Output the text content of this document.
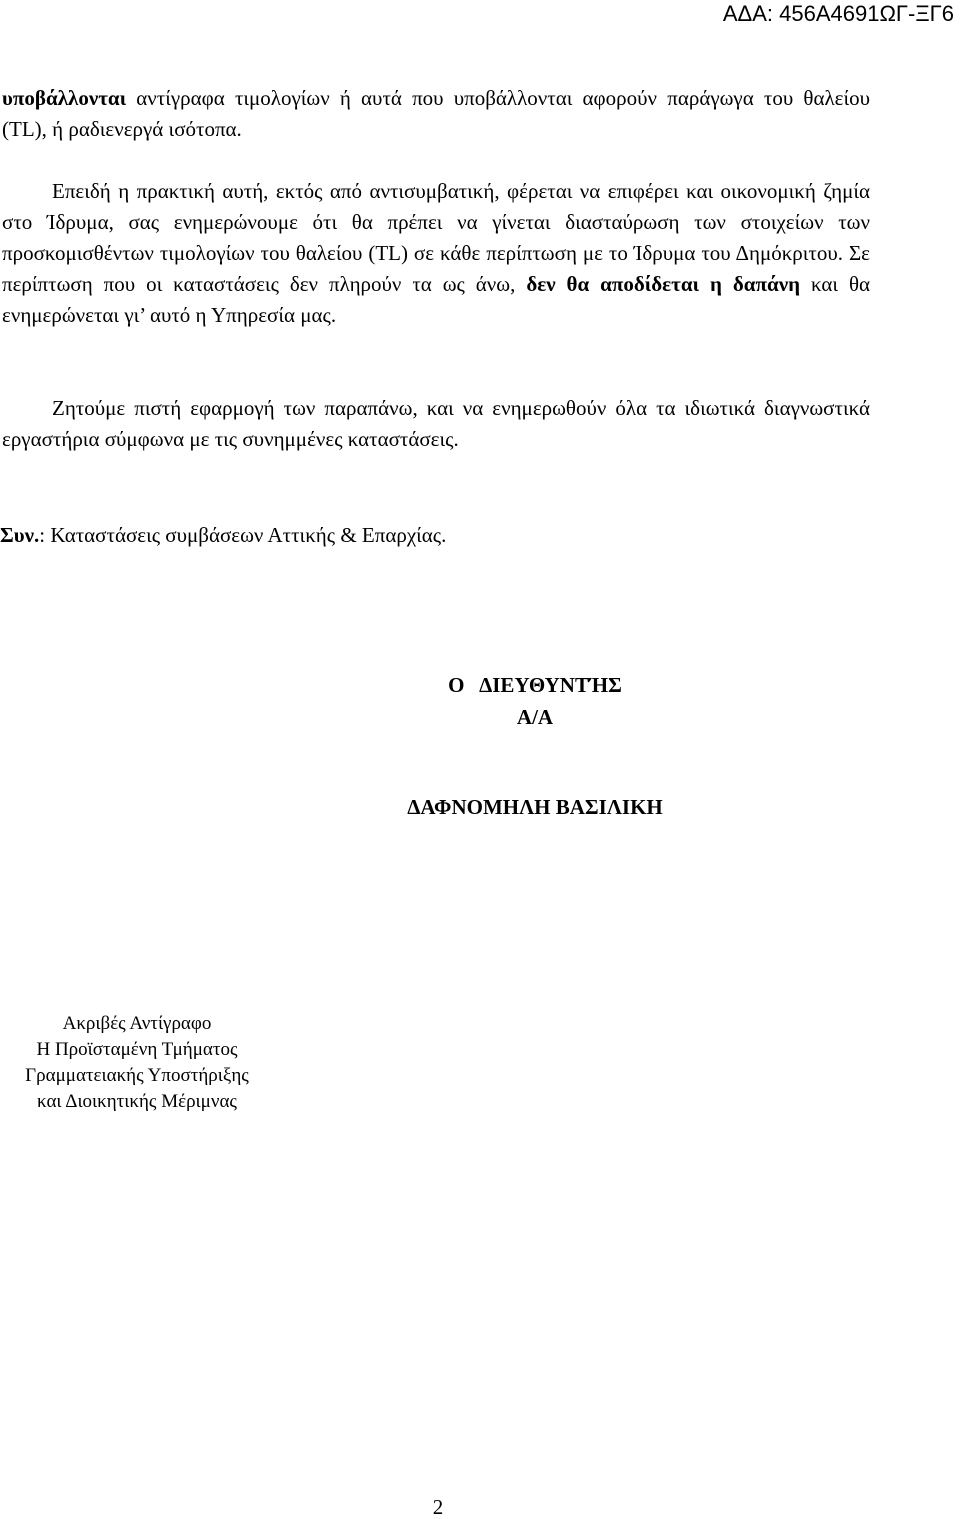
ΑΔΑ: 456Α4691ΩΓ-ΞΓ6

υποβάλλονται αντίγραφα τιμολογίων ή αυτά που υποβάλλονται αφορούν παράγωγα του θαλείου (TL), ή ραδιενεργά ισότοπα.

Επειδή η πρακτική αυτή, εκτός από αντισυμβατική, φέρεται να επιφέρει και οικονομική ζημία στο Ίδρυμα, σας ενημερώνουμε ότι θα πρέπει να γίνεται διασταύρωση των στοιχείων των προσκομισθέντων τιμολογίων του θαλείου (TL) σε κάθε περίπτωση με το Ίδρυμα του Δημόκριτου. Σε περίπτωση που οι καταστάσεις δεν πληρούν τα ως άνω, δεν θα αποδίδεται η δαπάνη και θα ενημερώνεται γι’ αυτό η Υπηρεσία μας.

Ζητούμε πιστή εφαρμογή των παραπάνω, και να ενημερωθούν όλα τα ιδιωτικά διαγνωστικά εργαστήρια σύμφωνα με τις συνημμένες καταστάσεις.

Συν.: Καταστάσεις συμβάσεων Αττικής & Επαρχίας.

Ο   ΔΙΕΥΘΥΝΤΉΣ

Α/Α

ΔΑΦΝΟΜΗΛΗ ΒΑΣΙΛΙΚΗ

Ακριβές Αντίγραφο
Η Προϊσταμένη Τμήματος
Γραμματειακής Υποστήριξης
και Διοικητικής Μέριμνας
2
